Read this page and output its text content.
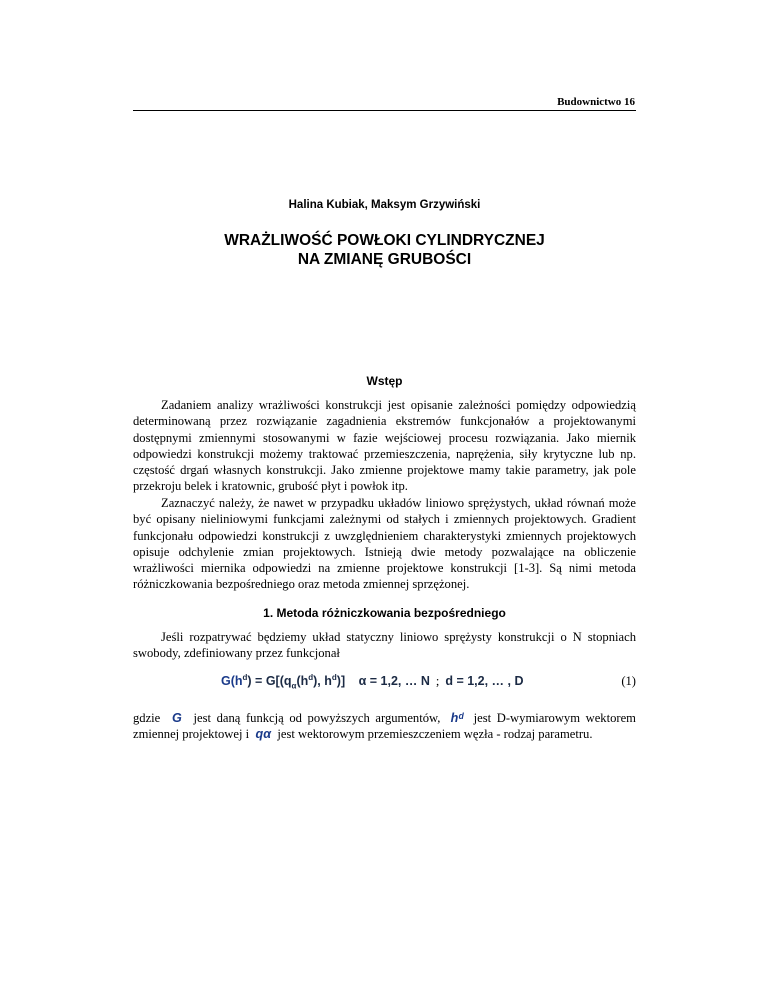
Budownictwo 16
Halina Kubiak, Maksym Grzywiński
WRAŻLIWOŚĆ POWŁOKI CYLINDRYCZNEJ
NA ZMIANĘ GRUBOŚCI
Wstęp

Zadaniem analizy wrażliwości konstrukcji jest opisanie zależności pomiędzy odpowiedzią determinowaną przez rozwiązanie zagadnienia ekstremów funkcjonałów a projektowanymi dostępnymi zmiennymi stosowanymi w fazie wejściowej procesu rozwiązania. Jako miernik odpowiedzi konstrukcji możemy traktować przemieszczenia, naprężenia, siły krytyczne lub np. częstość drgań własnych konstrukcji. Jako zmienne projektowe mamy takie parametry, jak pole przekroju belek i kratownic, grubość płyt i powłok itp.

Zaznaczyć należy, że nawet w przypadku układów liniowo sprężystych, układ równań może być opisany nieliniowymi funkcjami zależnymi od stałych i zmiennych projektowych. Gradient funkcjonału odpowiedzi konstrukcji z uwzględnieniem charakterystyki zmiennych projektowych opisuje odchylenie zmian projektowych. Istnieją dwie metody pozwalające na obliczenie wrażliwości miernika odpowiedzi na zmienne projektowe konstrukcji [1-3]. Są nimi metoda różniczkowania bezpośredniego oraz metoda zmiennej sprzężonej.

1. Metoda różniczkowania bezpośredniego

Jeśli rozpatrywać będziemy układ statyczny liniowo sprężysty konstrukcji o N stopniach swobody, zdefiniowany przez funkcjonał

$G(h^d) = G[(q_\alpha(h^d)$, $h^d$)] α = 1,2, … N ; d = 1,2, … , D	(1)

gdzie G jest daną funkcją od powyższych argumentów, hᵈ jest D-wymiarowym wektorem zmiennej projektowej i qα jest wektorowym przemieszczeniem węzła - rodzaj parametru.
